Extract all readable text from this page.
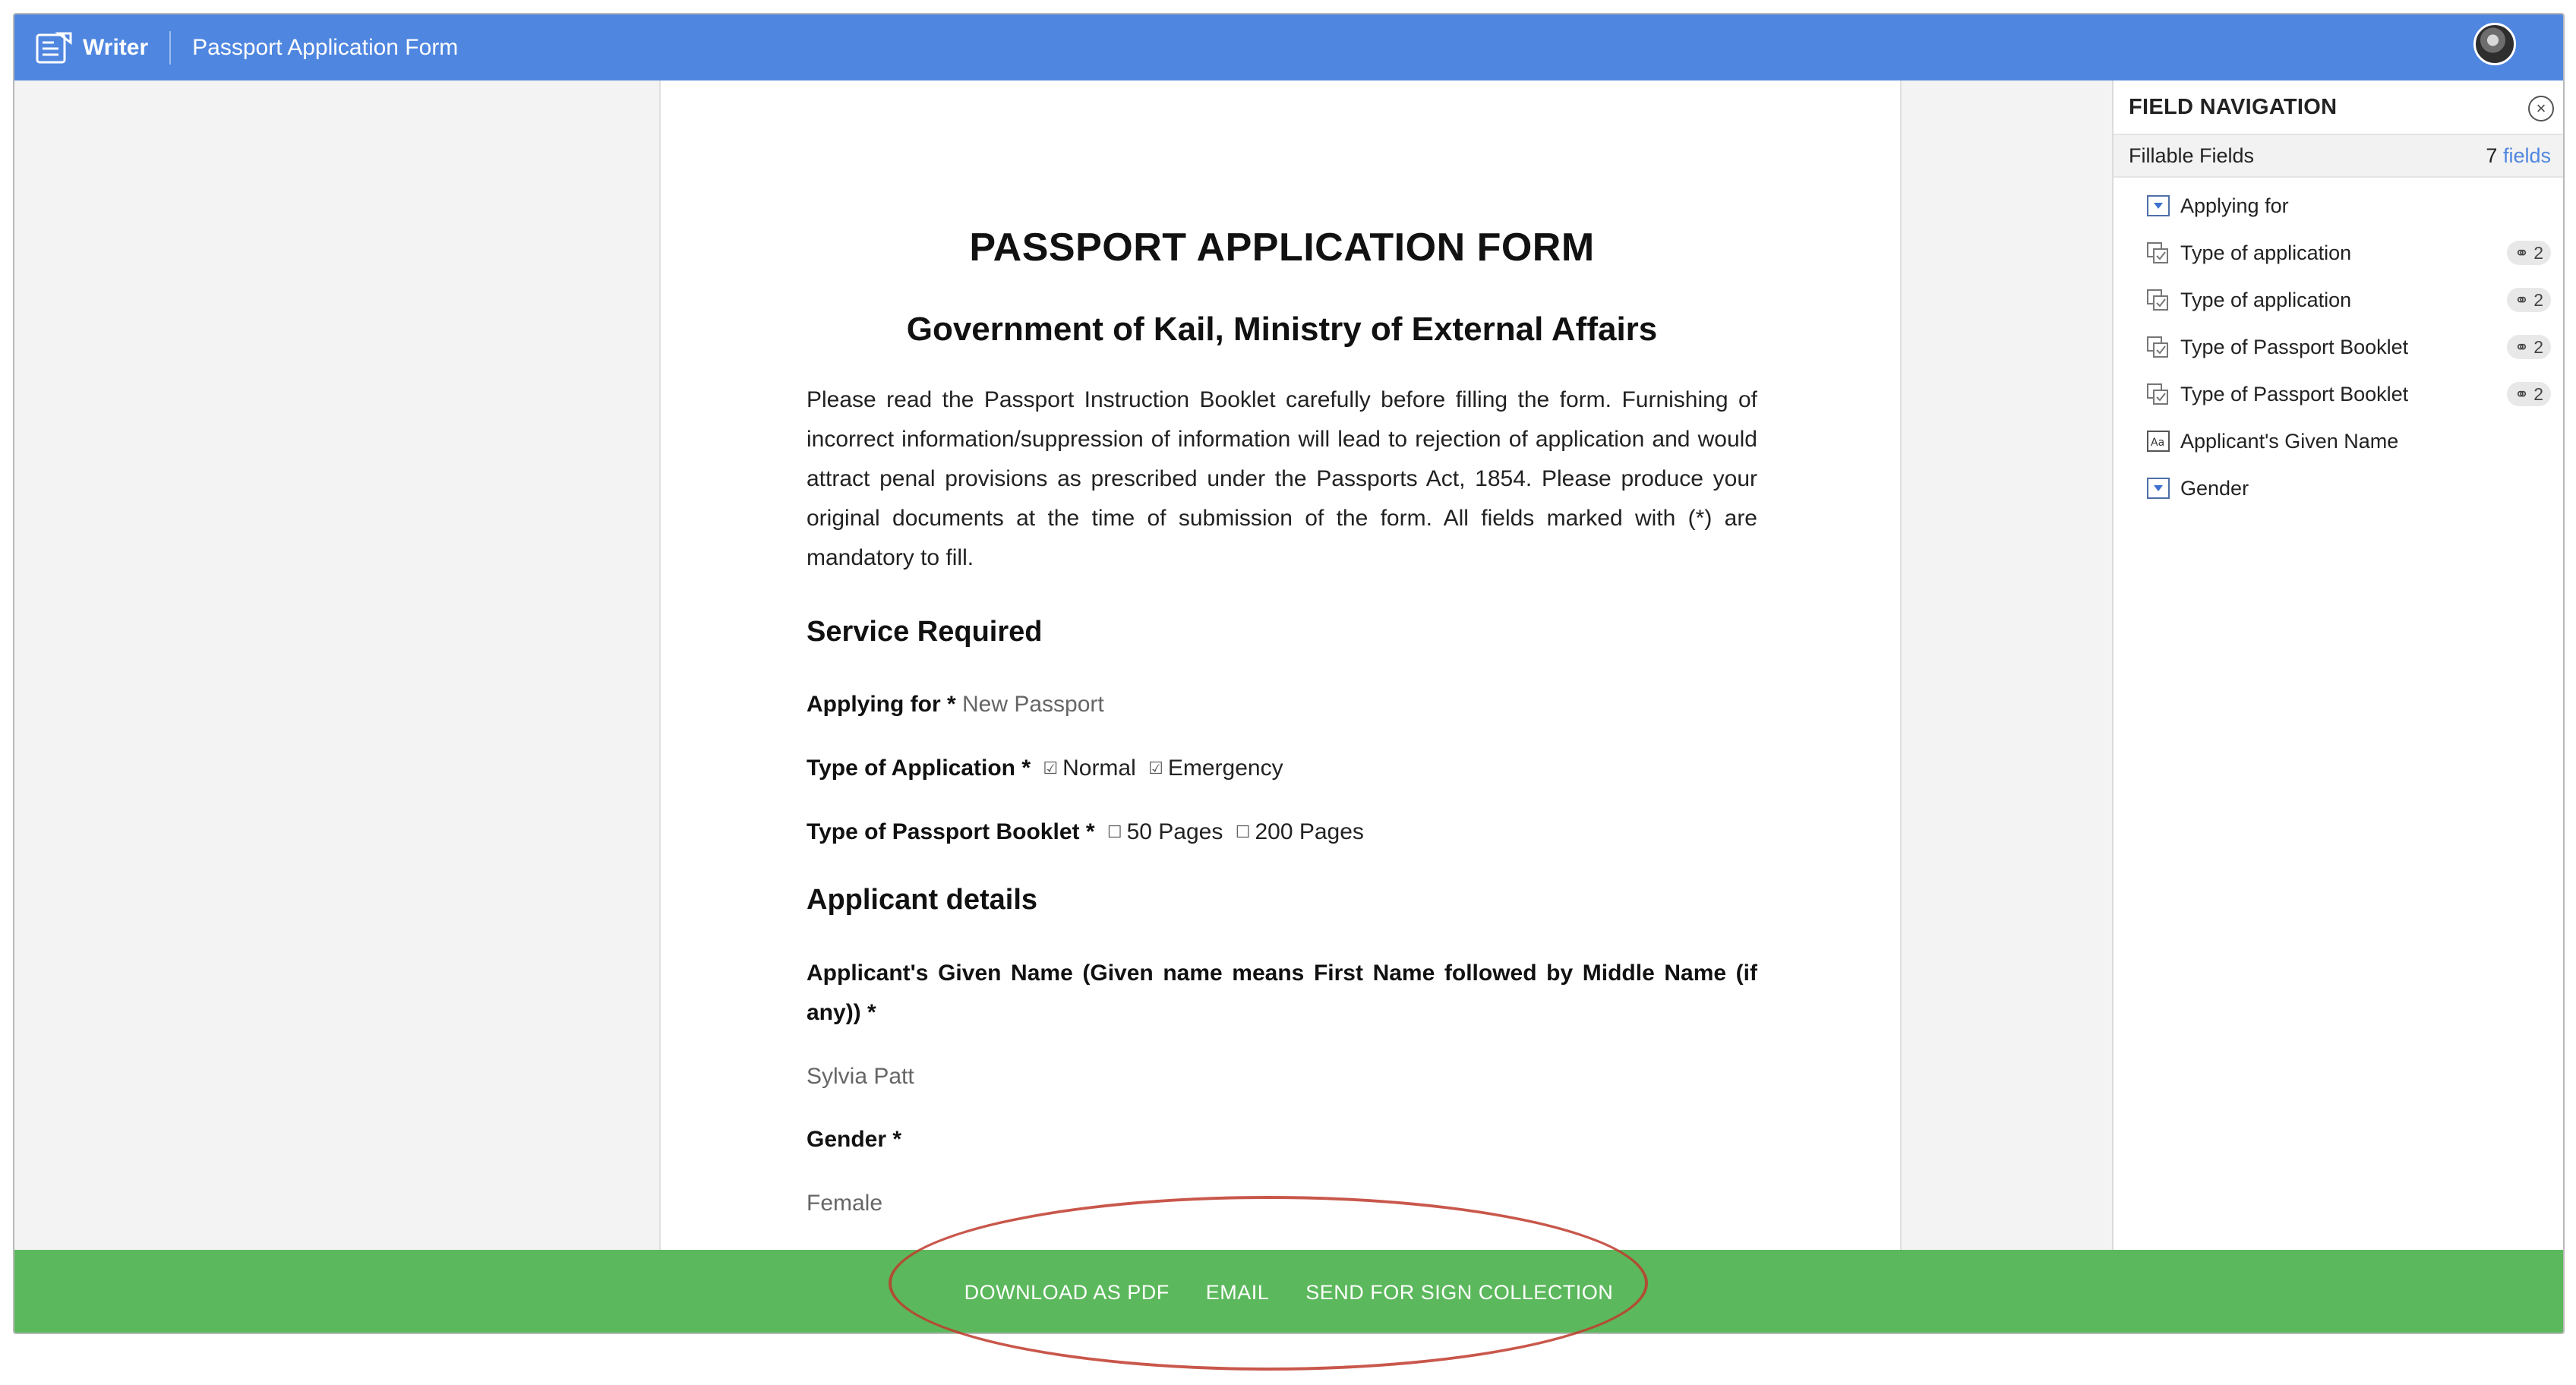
Writer Passport Application Form
PASSPORT APPLICATION FORM
Government of Kail, Ministry of External Affairs
Please read the Passport Instruction Booklet carefully before filling the form. Furnishing of incorrect information/suppression of information will lead to rejection of application and would attract penal provisions as prescribed under the Passports Act, 1854. Please produce your original documents at the time of submission of the form. All fields marked with (*) are mandatory to fill.
Service Required
Applying for * New Passport
Type of Application * ☑ Normal ☑ Emergency
Type of Passport Booklet * ☐ 50 Pages ☐ 200 Pages
Applicant details
Applicant's Given Name (Given name means First Name followed by Middle Name (if any)) *
Sylvia Patt
Gender *
Female
FIELD NAVIGATION	×
Fillable Fields	7 fields
Applying for
Type of application	⚭ 2
Type of application	⚭ 2
Type of Passport Booklet	⚭ 2
Type of Passport Booklet	⚭ 2
Aa Applicant's Given Name
Gender
DOWNLOAD AS PDF EMAIL SEND FOR SIGN COLLECTION
